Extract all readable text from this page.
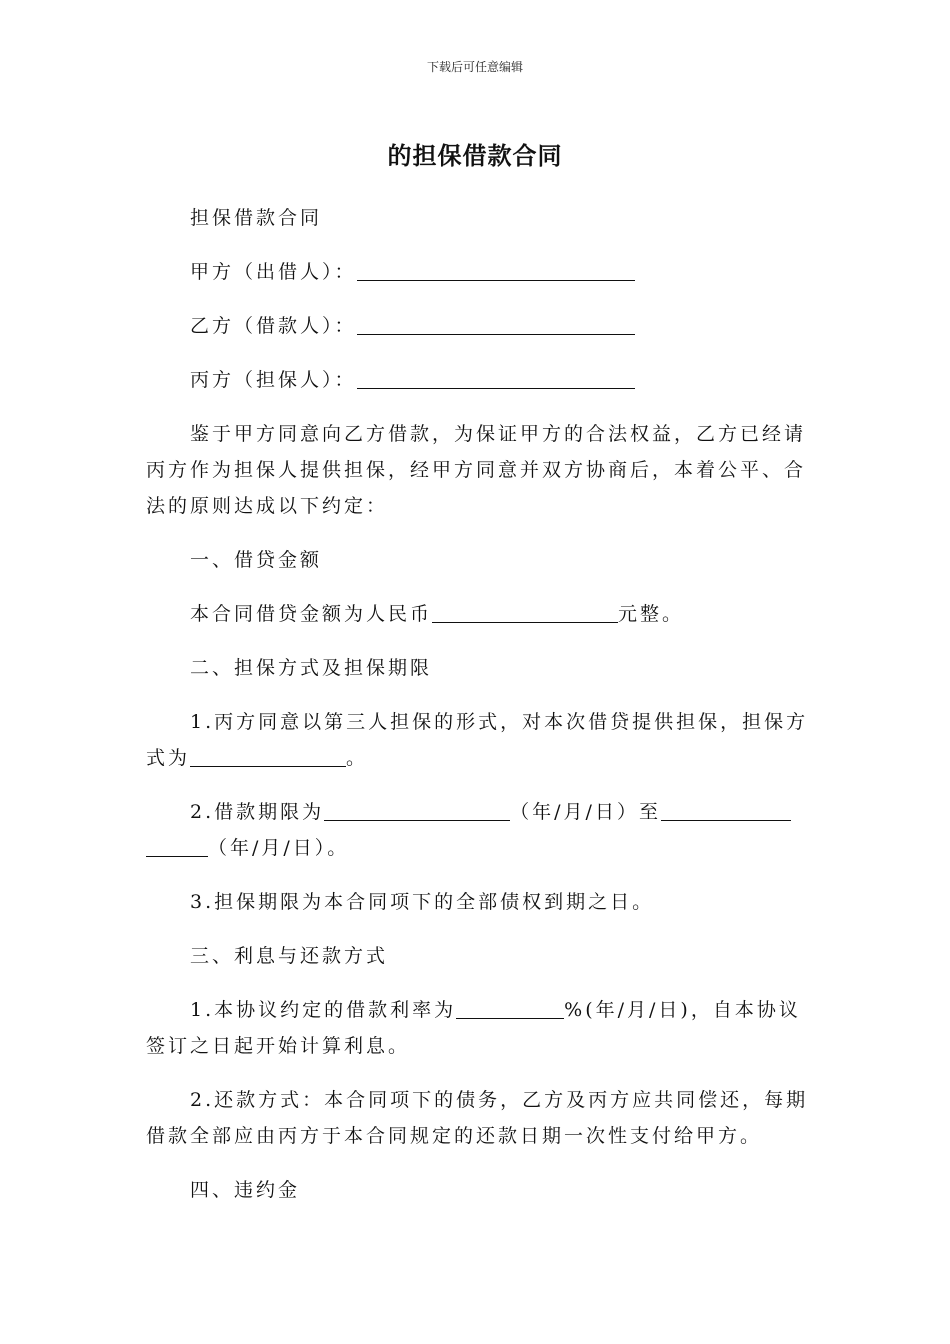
下载后可任意编辑
的担保借款合同

担保借款合同

甲方（出借人）：

乙方（借款人）：

丙方（担保人）：

鉴于甲方同意向乙方借款，为保证甲方的合法权益，乙方已经请丙方作为担保人提供担保，经甲方同意并双方协商后，本着公平、合法的原则达成以下约定：

一、借贷金额

本合同借贷金额为人民币	元整。

二、担保方式及担保期限

1.丙方同意以第三人担保的形式，对本次借贷提供担保，担保方式为	。

2.借款期限为	（年/月/日）至
（年/月/日）。

3.担保期限为本合同项下的全部债权到期之日。

三、利息与还款方式

1.本协议约定的借款利率为	%(年/月/日)，自本协议签订之日起开始计算利息。

2.还款方式：本合同项下的债务，乙方及丙方应共同偿还，每期借款全部应由丙方于本合同规定的还款日期一次性支付给甲方。

四、违约金
